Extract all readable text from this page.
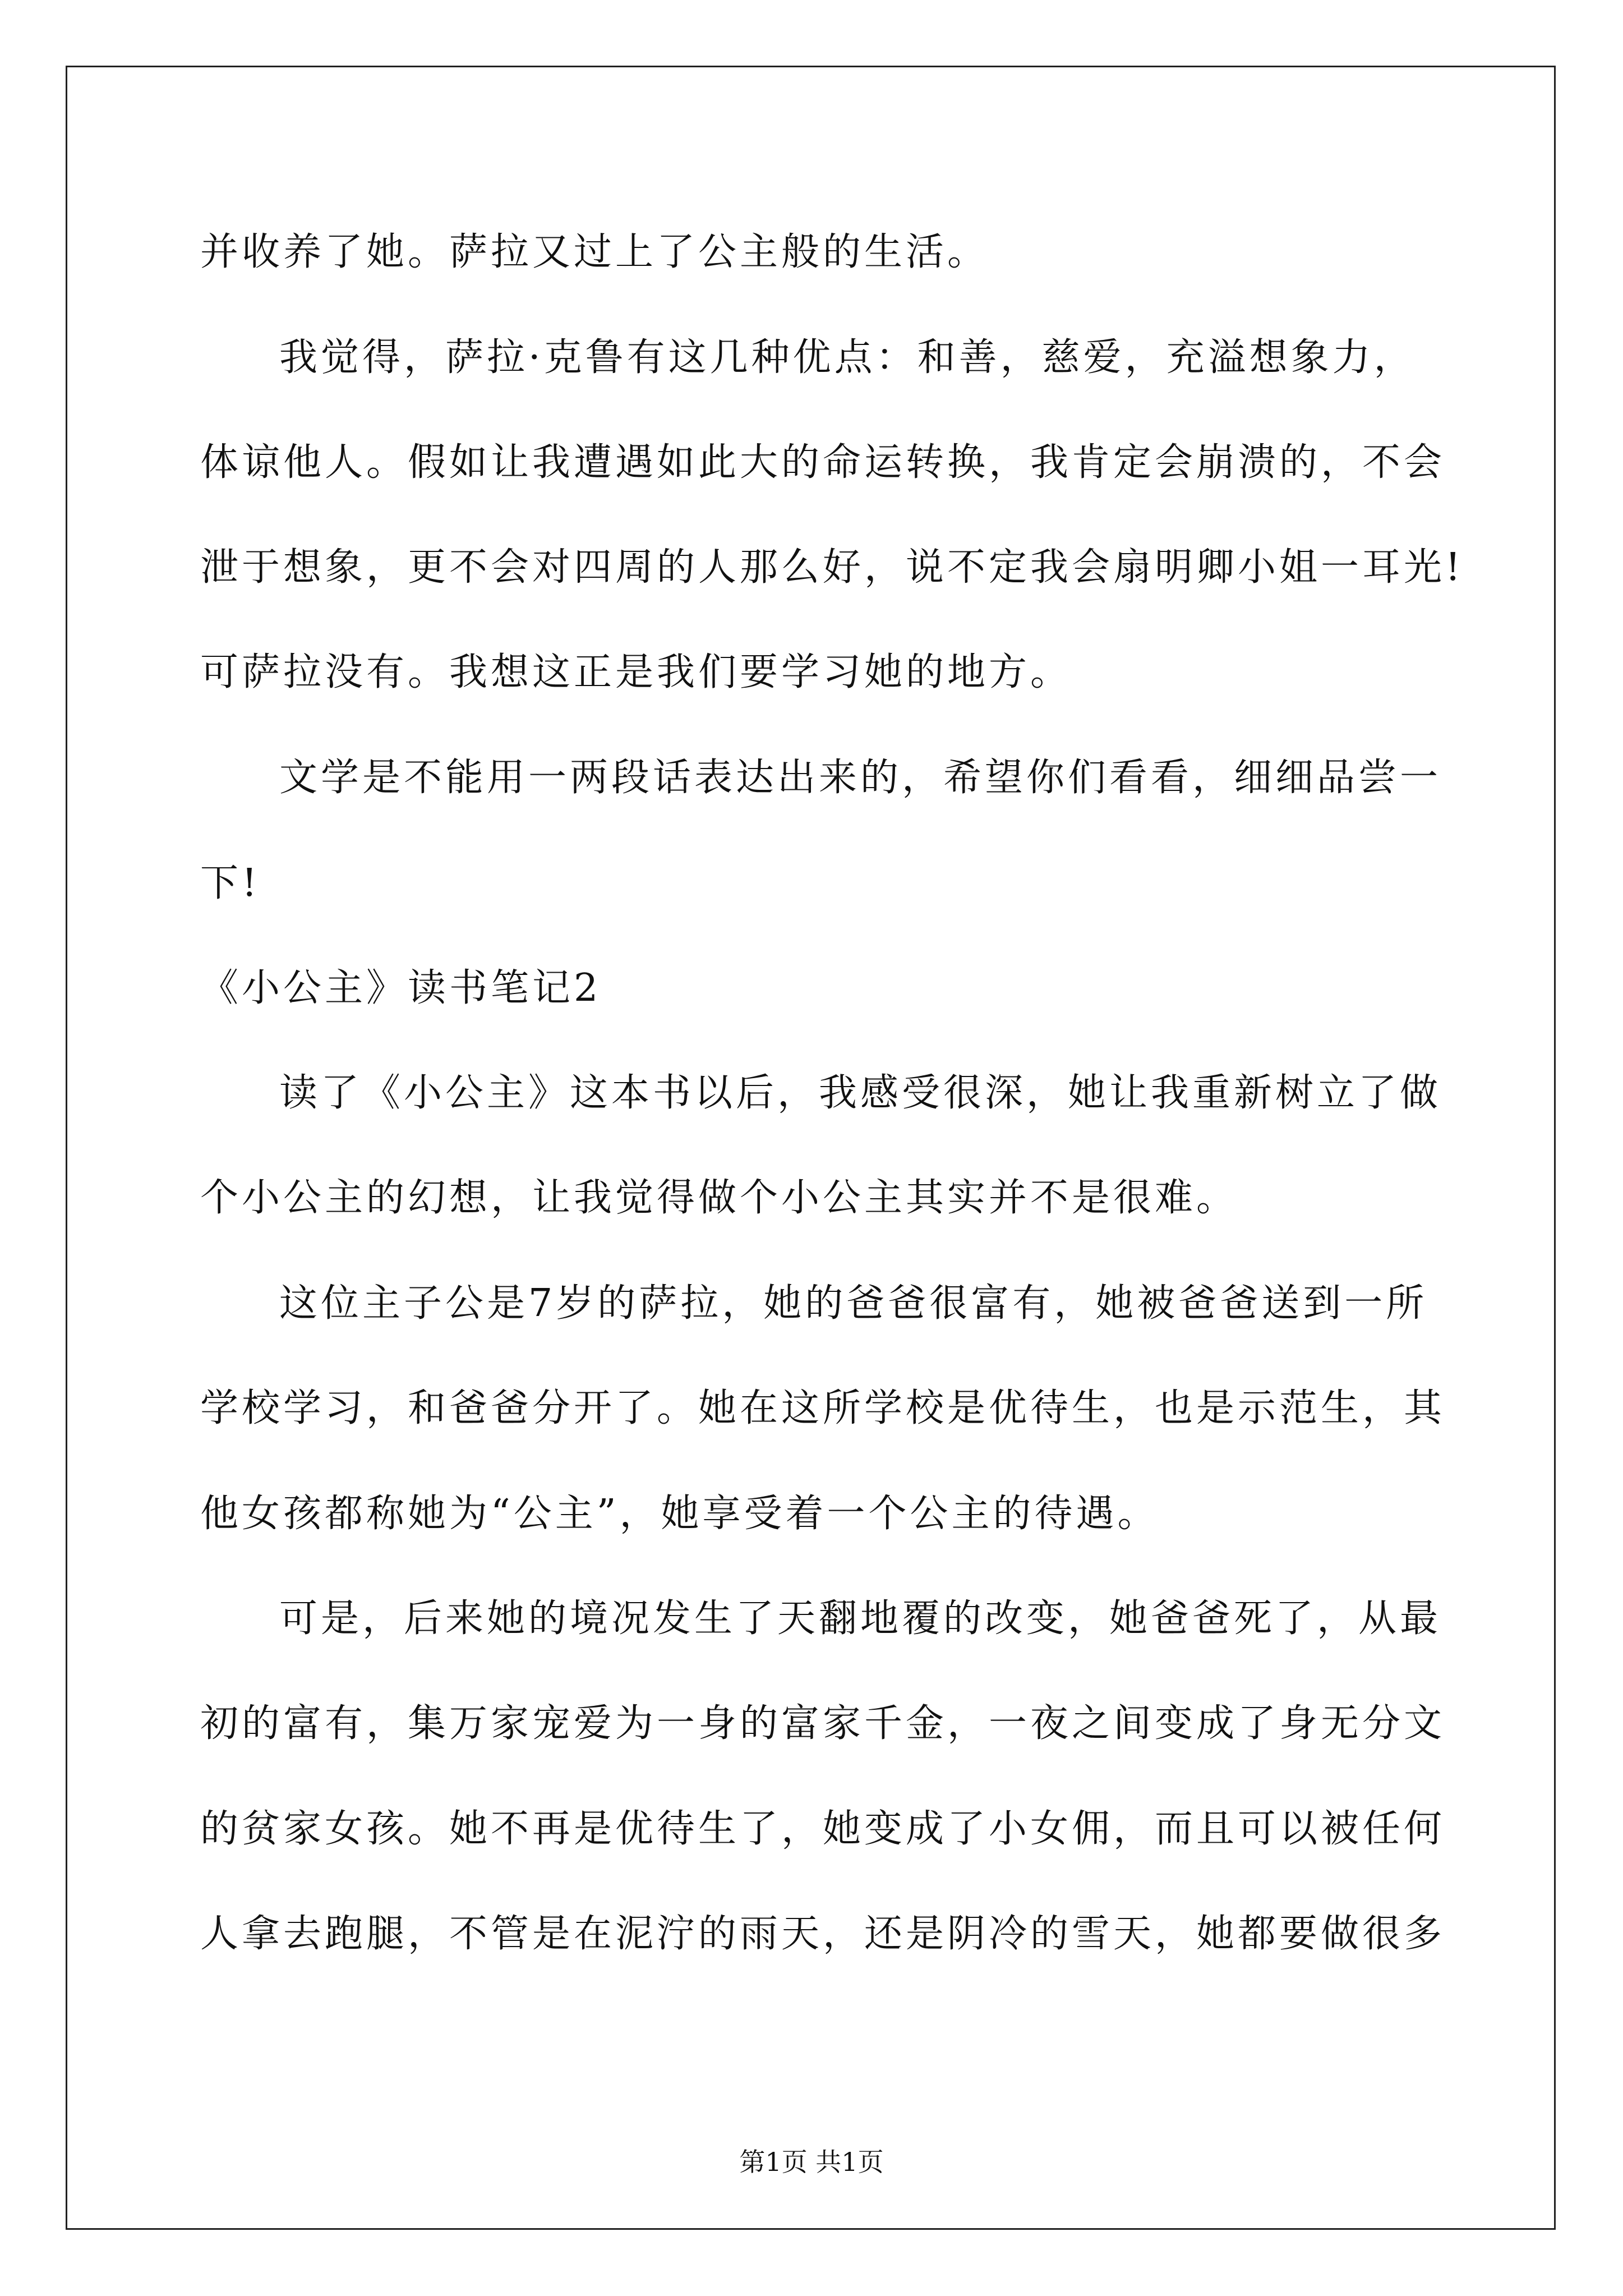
并收养了她。萨拉又过上了公主般的生活。
我觉得，萨拉·克鲁有这几种优点：和善，慈爱，充溢想象力，
体谅他人。假如让我遭遇如此大的命运转换，我肯定会崩溃的，不会
泄于想象，更不会对四周的人那么好，说不定我会扇明卿小姐一耳光!
可萨拉没有。我想这正是我们要学习她的地方。
文学是不能用一两段话表达出来的，希望你们看看，细细品尝一
下!
《小公主》读书笔记2
读了《小公主》这本书以后，我感受很深，她让我重新树立了做
个小公主的幻想，让我觉得做个小公主其实并不是很难。
这位主子公是7岁的萨拉，她的爸爸很富有，她被爸爸送到一所
学校学习，和爸爸分开了。她在这所学校是优待生，也是示范生，其
他女孩都称她为“公主”，她享受着一个公主的待遇。
可是，后来她的境况发生了天翻地覆的改变，她爸爸死了，从最
初的富有，集万家宠爱为一身的富家千金，一夜之间变成了身无分文
的贫家女孩。她不再是优待生了，她变成了小女佣，而且可以被任何
人拿去跑腿，不管是在泥泞的雨天，还是阴冷的雪天，她都要做很多
第1页 共1页
